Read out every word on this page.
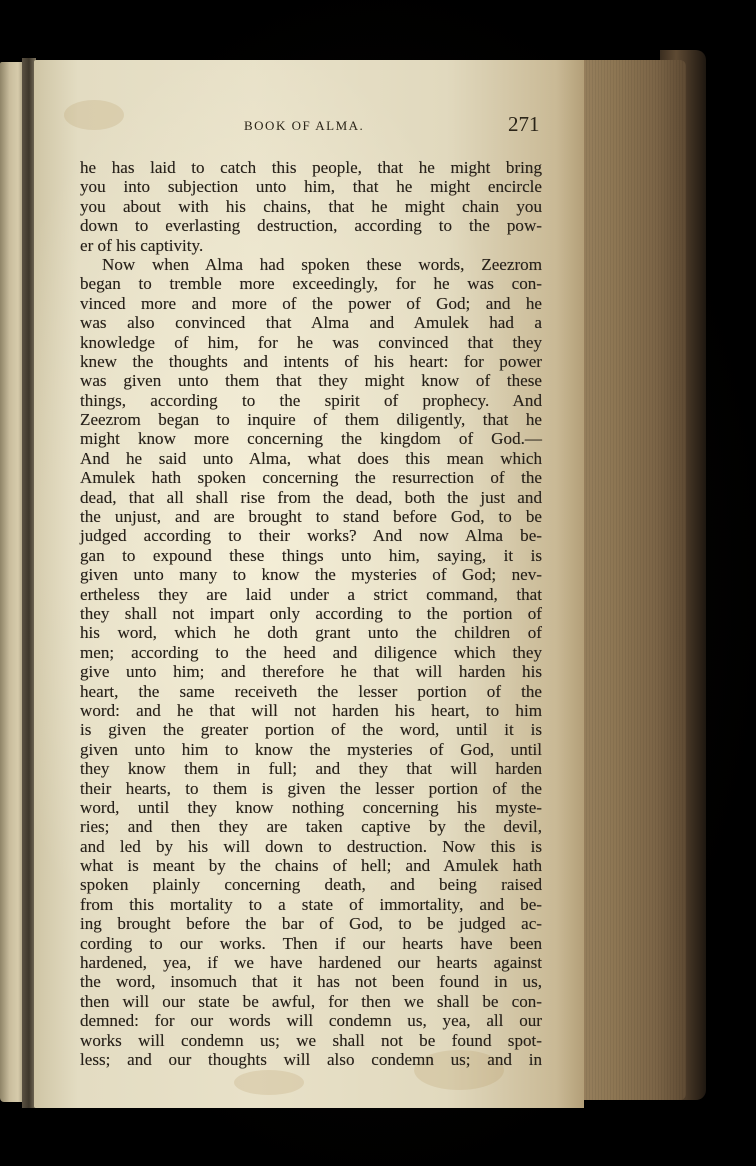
BOOK OF ALMA.	271
he has laid to catch this people, that he might bring
you into subjection unto him, that he might encircle
you about with his chains, that he might chain you
down to everlasting destruction, according to the pow-
er of his captivity.
Now when Alma had spoken these words, Zeezrom
began to tremble more exceedingly, for he was con-
vinced more and more of the power of God; and he
was also convinced that Alma and Amulek had a
knowledge of him, for he was convinced that they
knew the thoughts and intents of his heart: for power
was given unto them that they might know of these
things, according to the spirit of prophecy. And
Zeezrom began to inquire of them diligently, that he
might know more concerning the kingdom of God.—
And he said unto Alma, what does this mean which
Amulek hath spoken concerning the resurrection of the
dead, that all shall rise from the dead, both the just and
the unjust, and are brought to stand before God, to be
judged according to their works? And now Alma be-
gan to expound these things unto him, saying, it is
given unto many to know the mysteries of God; nev-
ertheless they are laid under a strict command, that
they shall not impart only according to the portion of
his word, which he doth grant unto the children of
men; according to the heed and diligence which they
give unto him; and therefore he that will harden his
heart, the same receiveth the lesser portion of the
word: and he that will not harden his heart, to him
is given the greater portion of the word, until it is
given unto him to know the mysteries of God, until
they know them in full; and they that will harden
their hearts, to them is given the lesser portion of the
word, until they know nothing concerning his myste-
ries; and then they are taken captive by the devil,
and led by his will down to destruction. Now this is
what is meant by the chains of hell; and Amulek hath
spoken plainly concerning death, and being raised
from this mortality to a state of immortality, and be-
ing brought before the bar of God, to be judged ac-
cording to our works. Then if our hearts have been
hardened, yea, if we have hardened our hearts against
the word, insomuch that it has not been found in us,
then will our state be awful, for then we shall be con-
demned: for our words will condemn us, yea, all our
works will condemn us; we shall not be found spot-
less; and our thoughts will also condemn us; and in
